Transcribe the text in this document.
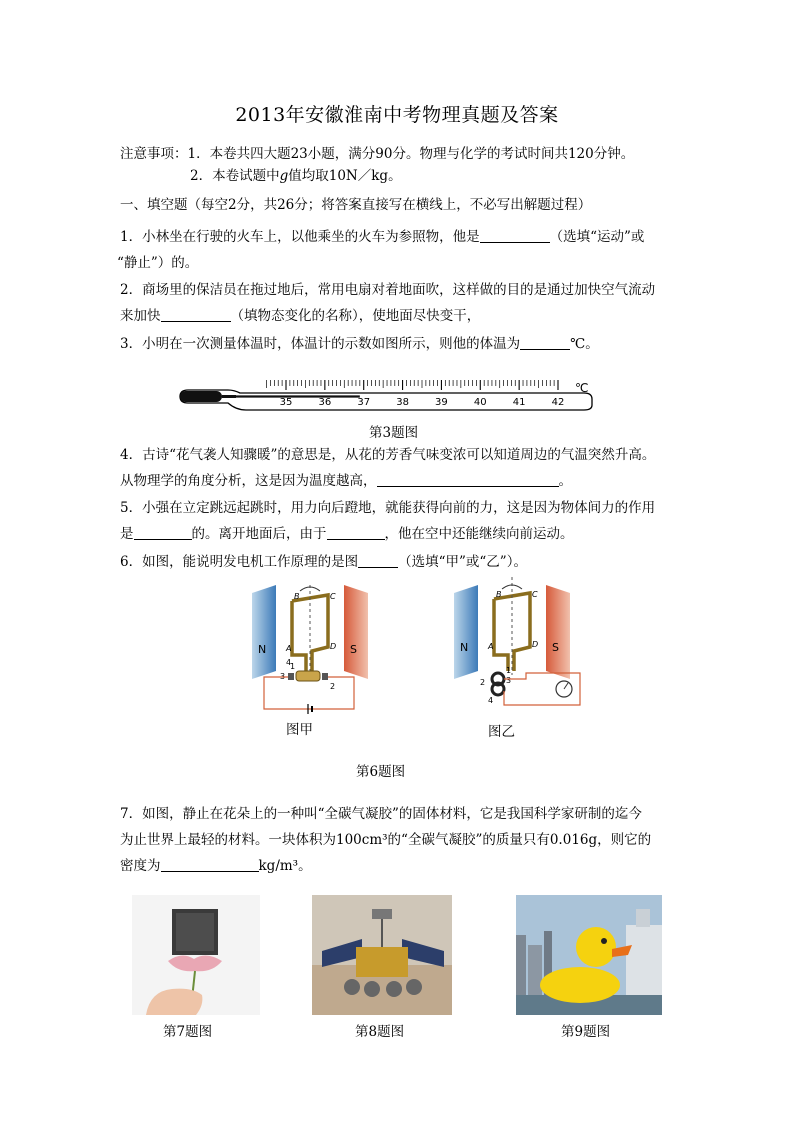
2013年安徽淮南中考物理真题及答案
注意事项：1．本卷共四大题23小题，满分90分。物理与化学的考试时间共120分钟。
2．本卷试题中g值均取10N／kg。
一、填空题（每空2分，共26分；将答案直接写在横线上，不必写出解题过程）
1．小林坐在行驶的火车上，以他乘坐的火车为参照物，他是	（选填“运动”或
“静止”）的。
2．商场里的保洁员在拖过地后，常用电扇对着地面吹，这样做的目的是通过加快空气流动
来加快	（填物态变化的名称），使地面尽快变干，
3．小明在一次测量体温时，体温计的示数如图所示，则他的体温为	℃。
35	36	37	38	39	40	41	42
℃
第3题图
4．古诗“花气袭人知骤暖”的意思是，从花的芳香气味变浓可以知道周边的气温突然升高。
从物理学的角度分析，这是因为温度越高，	。
5．小强在立定跳远起跳时，用力向后蹬地，就能获得向前的力，这是因为物体间力的作用
是	的。离开地面后，由于	，他在空中还能继续向前运动。
6．如图，能说明发电机工作原理的是图	（选填“甲”或“乙”）。
N	S
B	C
A	D
3
2
4
1
图甲
N	S
B	C
A	D
2	3
4
1
图乙
第6题图
7．如图，静止在花朵上的一种叫“全碳气凝胶”的固体材料，它是我国科学家研制的迄今
为止世界上最轻的材料。一块体积为100cm³的“全碳气凝胶”的质量只有0.016g，则它的
密度为	kg/m³。
第7题图	第8题图	第9题图
